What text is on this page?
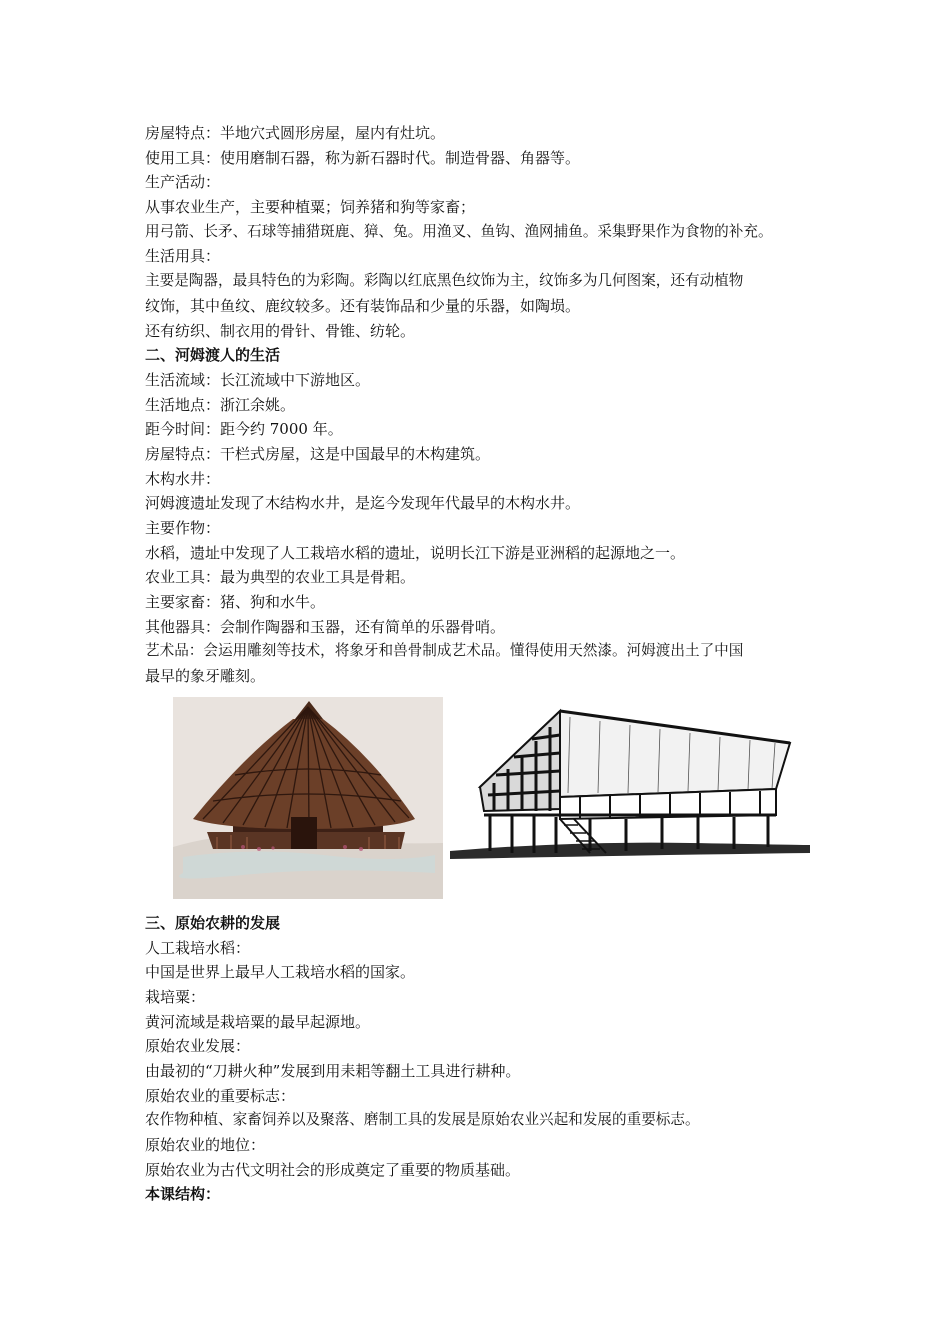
房屋特点：半地穴式圆形房屋，屋内有灶坑。
使用工具：使用磨制石器，称为新石器时代。制造骨器、角器等。
生产活动：
从事农业生产，主要种植粟；饲养猪和狗等家畜；
用弓箭、长矛、石球等捕猎斑鹿、獐、兔。用渔叉、鱼钩、渔网捕鱼。采集野果作为食物的补充。
生活用具：
主要是陶器，最具特色的为彩陶。彩陶以红底黑色纹饰为主，纹饰多为几何图案，还有动植物
纹饰，其中鱼纹、鹿纹较多。还有装饰品和少量的乐器，如陶埙。
还有纺织、制衣用的骨针、骨锥、纺轮。
二、河姆渡人的生活
生活流域：长江流域中下游地区。
生活地点：浙江余姚。
距今时间：距今约 7000 年。
房屋特点：干栏式房屋，这是中国最早的木构建筑。
木构水井：
河姆渡遗址发现了木结构水井，是迄今发现年代最早的木构水井。
主要作物：
水稻，遗址中发现了人工栽培水稻的遗址，说明长江下游是亚洲稻的起源地之一。
农业工具：最为典型的农业工具是骨耜。
主要家畜：猪、狗和水牛。
其他器具：会制作陶器和玉器，还有简单的乐器骨哨。
艺术品：会运用雕刻等技术，将象牙和兽骨制成艺术品。懂得使用天然漆。河姆渡出土了中国
最早的象牙雕刻。
三、原始农耕的发展
人工栽培水稻：
中国是世界上最早人工栽培水稻的国家。
栽培粟：
黄河流域是栽培粟的最早起源地。
原始农业发展：
由最初的“刀耕火种”发展到用耒耜等翻土工具进行耕种。
原始农业的重要标志：
农作物种植、家畜饲养以及聚落、磨制工具的发展是原始农业兴起和发展的重要标志。
原始农业的地位：
原始农业为古代文明社会的形成奠定了重要的物质基础。
本课结构：
